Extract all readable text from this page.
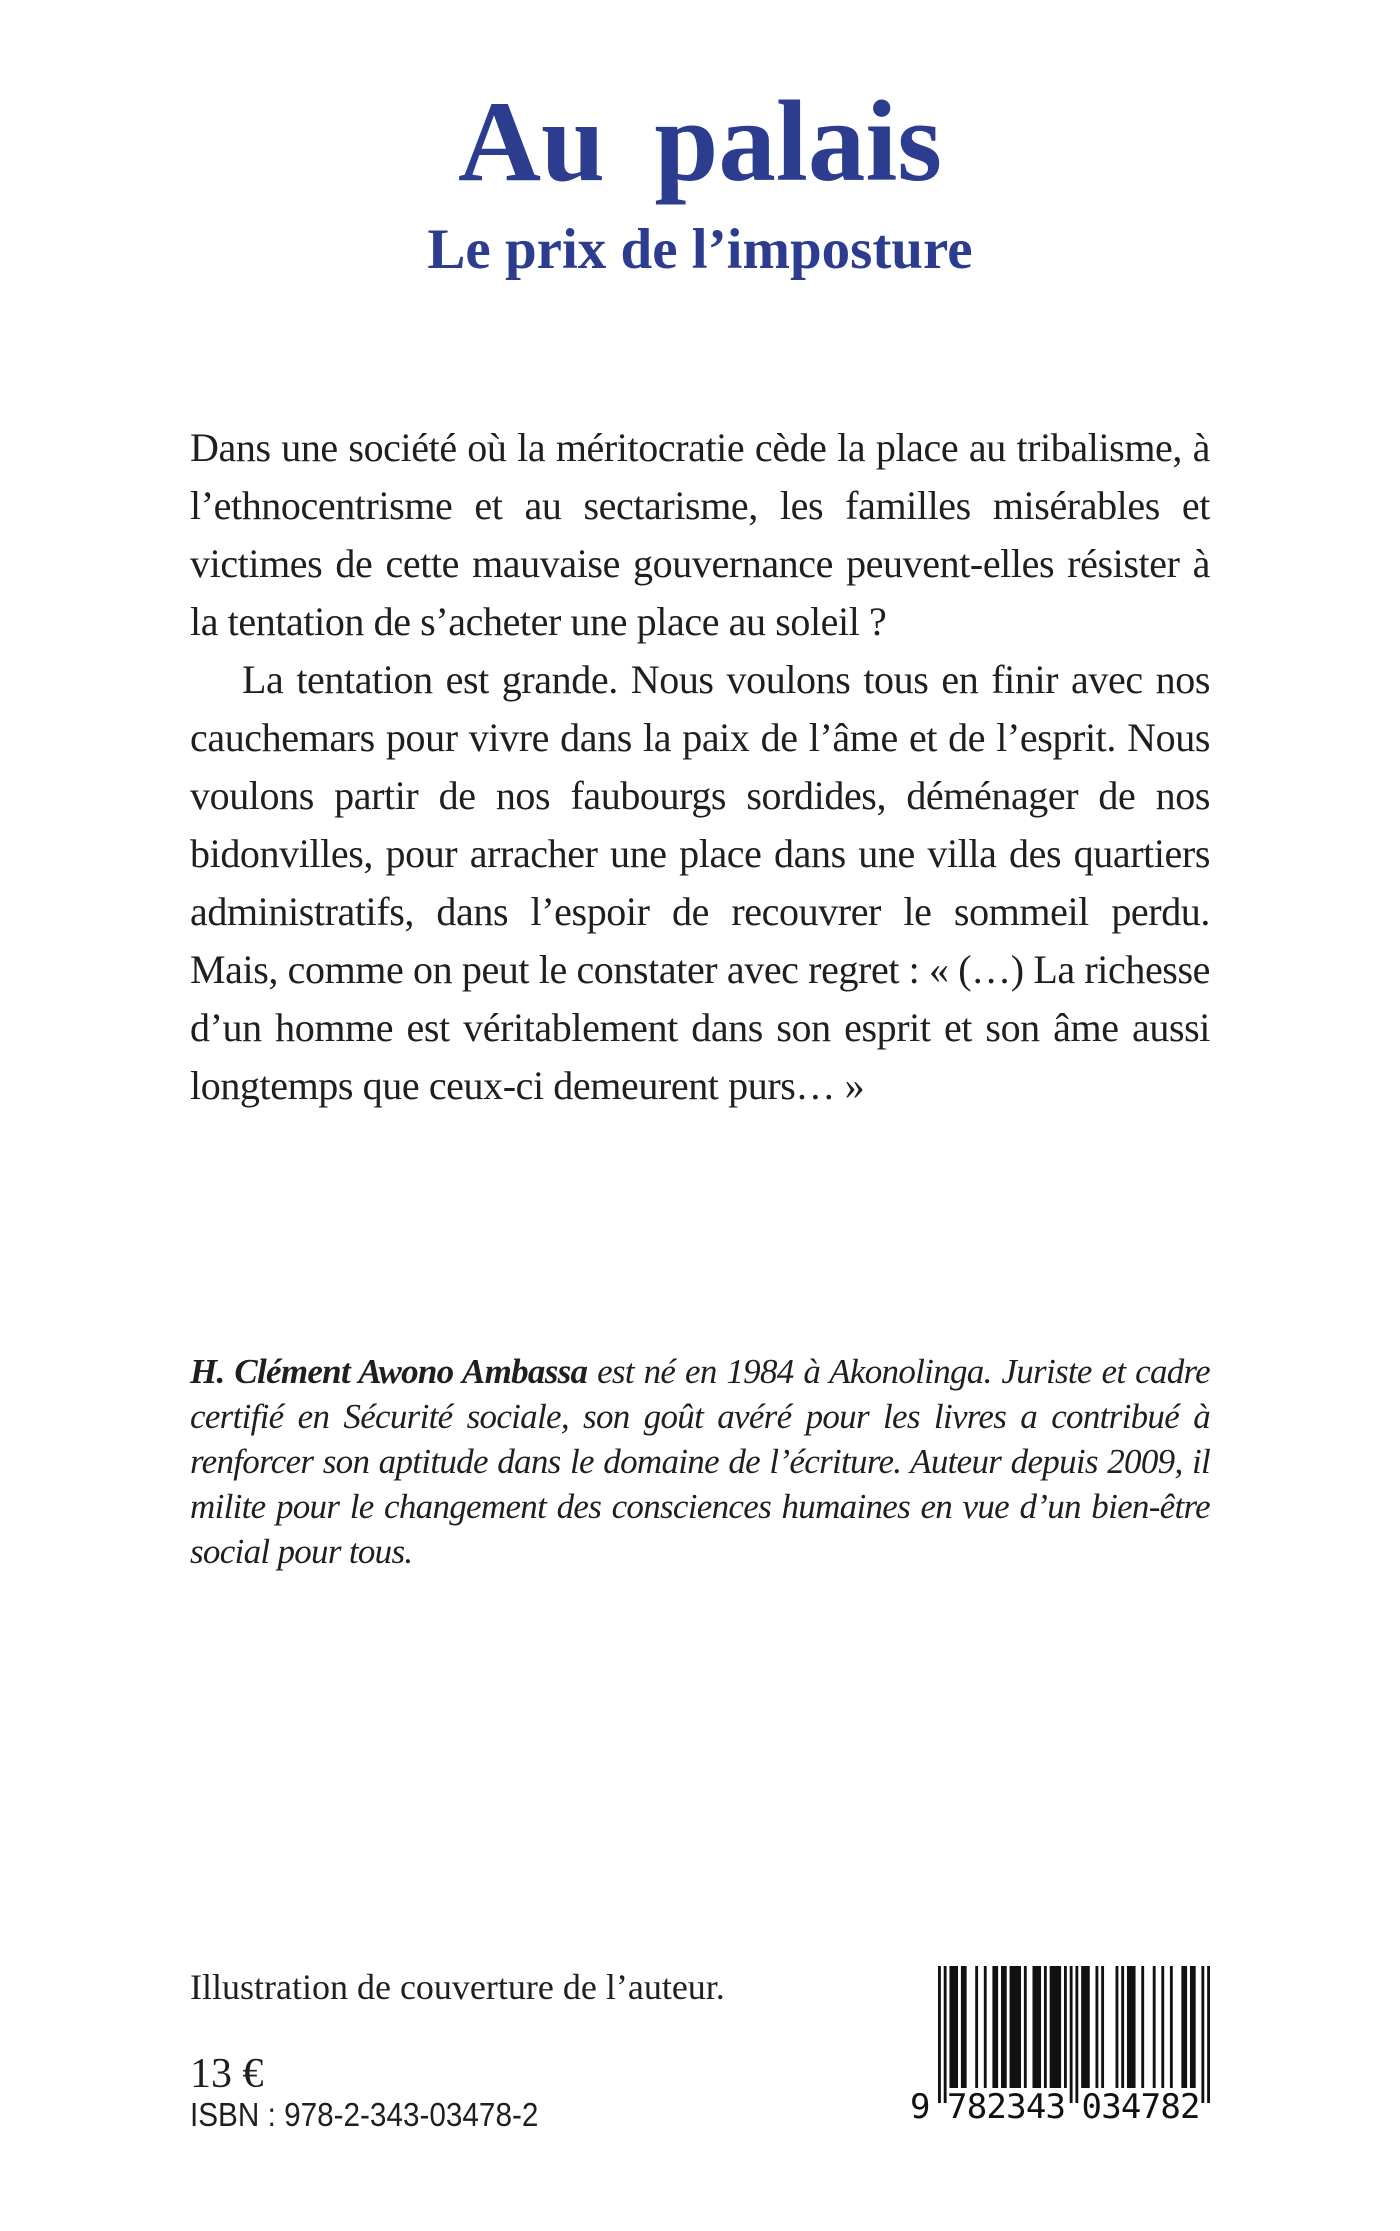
Au palais
Le prix de l’imposture

Dans une société où la méritocratie cède la place au tribalisme, à l’ethnocentrisme et au sectarisme, les familles misérables et victimes de cette mauvaise gouvernance peuvent-elles résister à la tentation de s’acheter une place au soleil ?

La tentation est grande. Nous voulons tous en finir avec nos cauchemars pour vivre dans la paix de l’âme et de l’esprit. Nous voulons partir de nos faubourgs sordides, déménager de nos bidonvilles, pour arracher une place dans une villa des quartiers administratifs, dans l’espoir de recouvrer le sommeil perdu. Mais, comme on peut le constater avec regret : « (…) La richesse d’un homme est véritablement dans son esprit et son âme aussi longtemps que ceux-ci demeurent purs… »

H. Clément Awono Ambassa est né en 1984 à Akonolinga. Juriste et cadre certifié en Sécurité sociale, son goût avéré pour les livres a contribué à renforcer son aptitude dans le domaine de l’écriture. Auteur depuis 2009, il milite pour le changement des consciences humaines en vue d’un bien-être social pour tous.

Illustration de couverture de l’auteur.

13 €

ISBN : 978-2-343-03478-2	9 782343 034782
